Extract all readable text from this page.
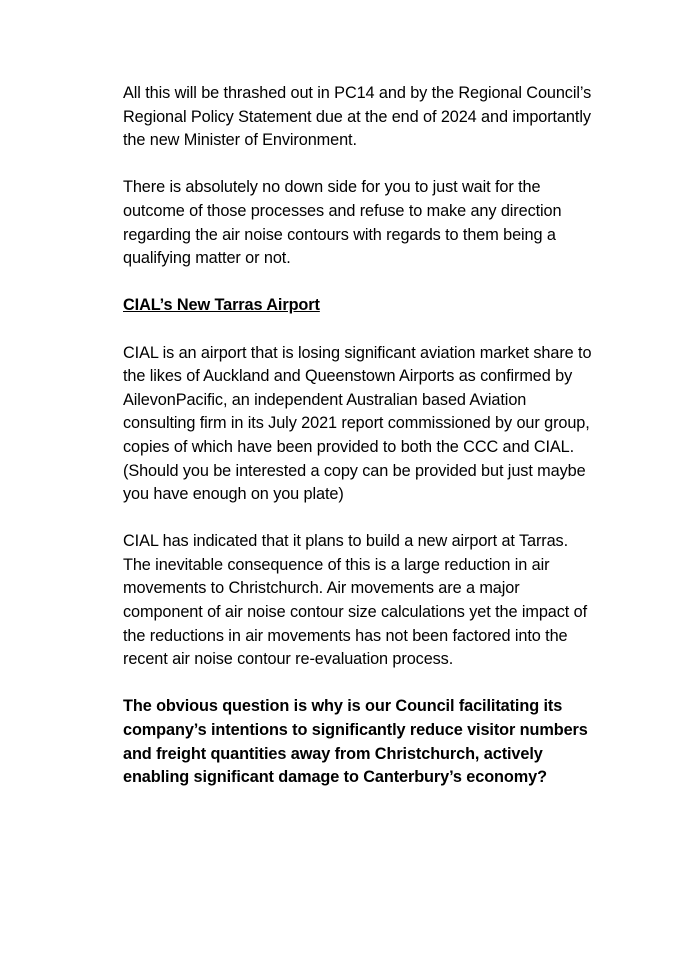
All this will be thrashed out in PC14 and by the Regional Council’s Regional Policy Statement due at the end of 2024 and importantly the new Minister of Environment.

There is absolutely no down side for you to just wait for the outcome of those processes and refuse to make any direction regarding the air noise contours with regards to them being a qualifying matter or not.

CIAL’s New Tarras Airport

CIAL is an airport that is losing significant aviation market share to the likes of Auckland and Queenstown Airports as confirmed by AilevonPacific, an independent Australian based Aviation consulting firm in its July 2021 report commissioned by our group, copies of which have been provided to both the CCC and CIAL. (Should you be interested a copy can be provided but just maybe you have enough on you plate)

CIAL has indicated that it plans to build a new airport at Tarras. The inevitable consequence of this is a large reduction in air movements to Christchurch. Air movements are a major component of air noise contour size calculations yet the impact of the reductions in air movements has not been factored into the recent air noise contour re-evaluation process.

The obvious question is why is our Council facilitating its company’s intentions to significantly reduce visitor numbers and freight quantities away from Christchurch, actively enabling significant damage to Canterbury’s economy?
